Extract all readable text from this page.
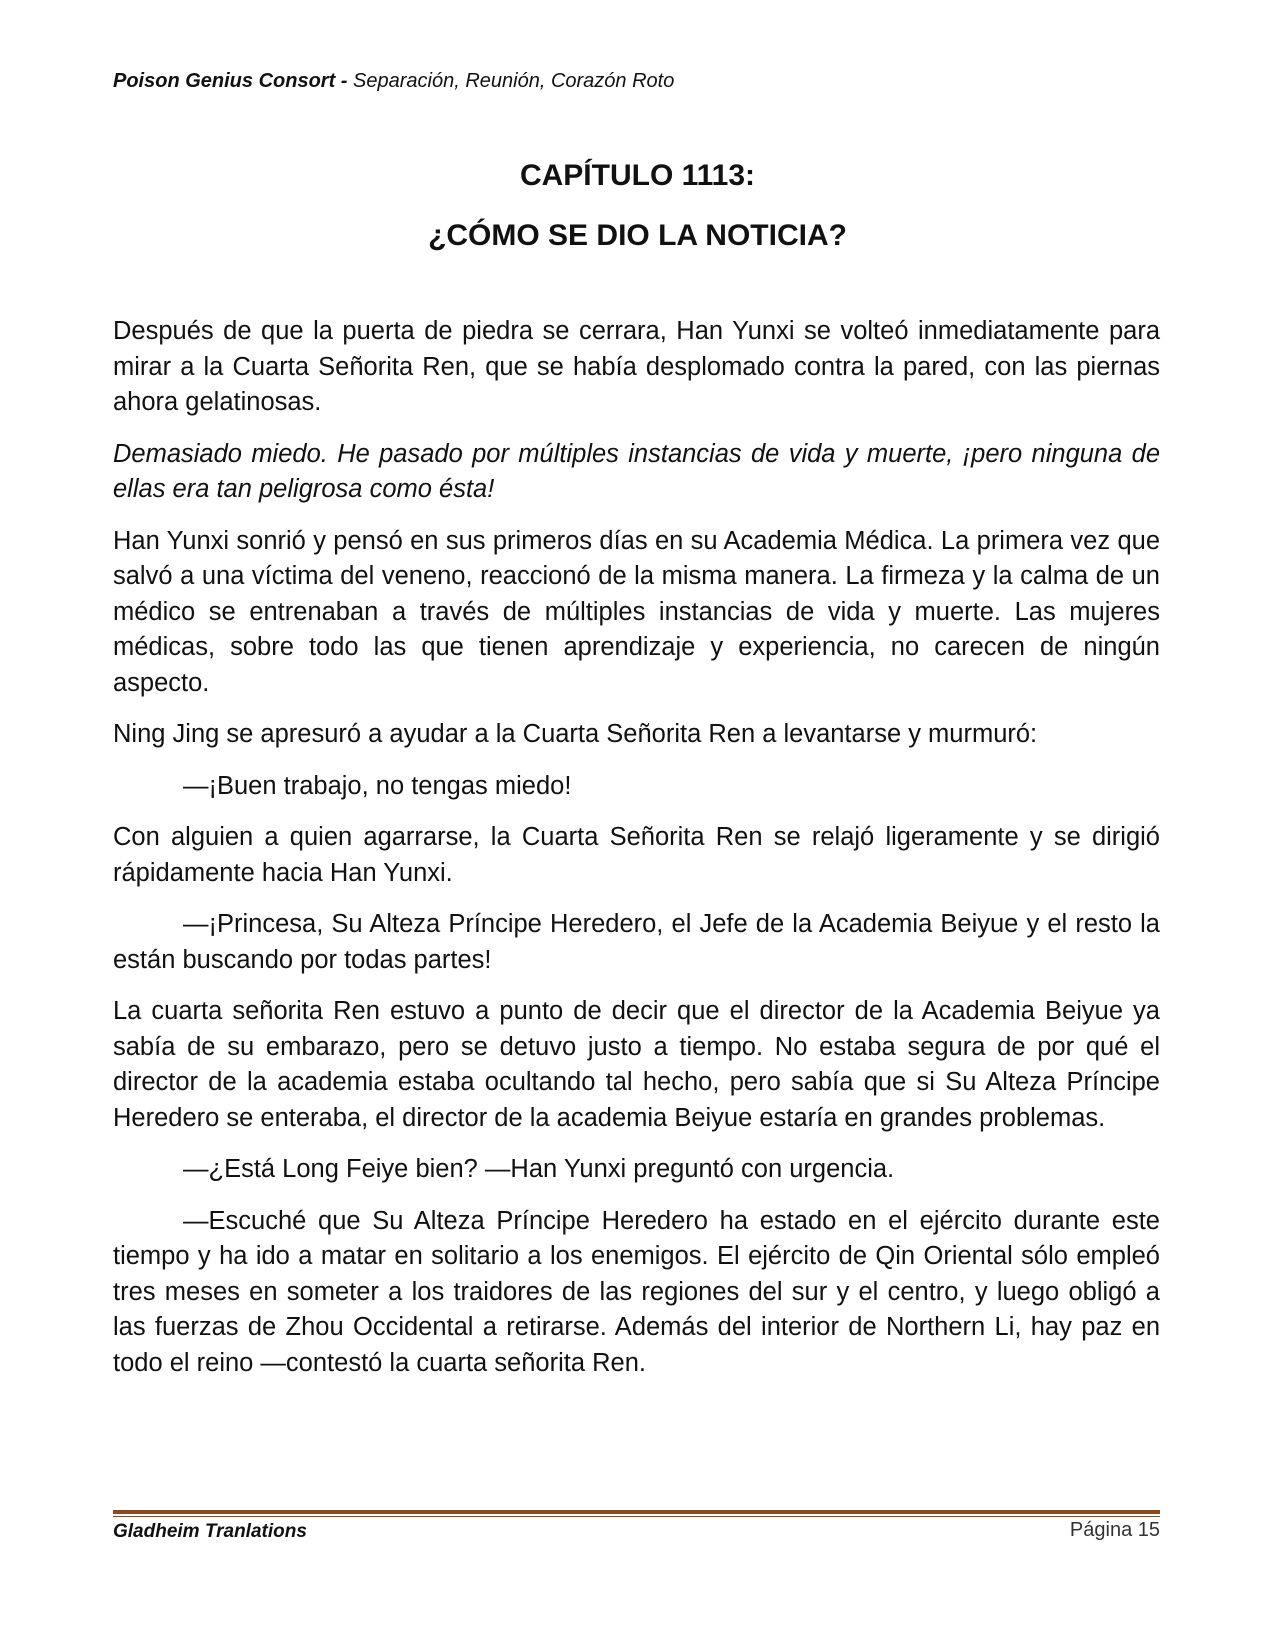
Poison Genius Consort - Separación, Reunión, Corazón Roto
CAPÍTULO 1113:
¿CÓMO SE DIO LA NOTICIA?

Después de que la puerta de piedra se cerrara, Han Yunxi se volteó inmediatamente para mirar a la Cuarta Señorita Ren, que se había desplomado contra la pared, con las piernas ahora gelatinosas.

Demasiado miedo. He pasado por múltiples instancias de vida y muerte, ¡pero ninguna de ellas era tan peligrosa como ésta!

Han Yunxi sonrió y pensó en sus primeros días en su Academia Médica. La primera vez que salvó a una víctima del veneno, reaccionó de la misma manera. La firmeza y la calma de un médico se entrenaban a través de múltiples instancias de vida y muerte. Las mujeres médicas, sobre todo las que tienen aprendizaje y experiencia, no carecen de ningún aspecto.

Ning Jing se apresuró a ayudar a la Cuarta Señorita Ren a levantarse y murmuró:

—¡Buen trabajo, no tengas miedo!

Con alguien a quien agarrarse, la Cuarta Señorita Ren se relajó ligeramente y se dirigió rápidamente hacia Han Yunxi.

—¡Princesa, Su Alteza Príncipe Heredero, el Jefe de la Academia Beiyue y el resto la están buscando por todas partes!

La cuarta señorita Ren estuvo a punto de decir que el director de la Academia Beiyue ya sabía de su embarazo, pero se detuvo justo a tiempo. No estaba segura de por qué el director de la academia estaba ocultando tal hecho, pero sabía que si Su Alteza Príncipe Heredero se enteraba, el director de la academia Beiyue estaría en grandes problemas.

—¿Está Long Feiye bien? —Han Yunxi preguntó con urgencia.

—Escuché que Su Alteza Príncipe Heredero ha estado en el ejército durante este tiempo y ha ido a matar en solitario a los enemigos. El ejército de Qin Oriental sólo empleó tres meses en someter a los traidores de las regiones del sur y el centro, y luego obligó a las fuerzas de Zhou Occidental a retirarse. Además del interior de Northern Li, hay paz en todo el reino —contestó la cuarta señorita Ren.

Gladheim Tranlations	Página 15
